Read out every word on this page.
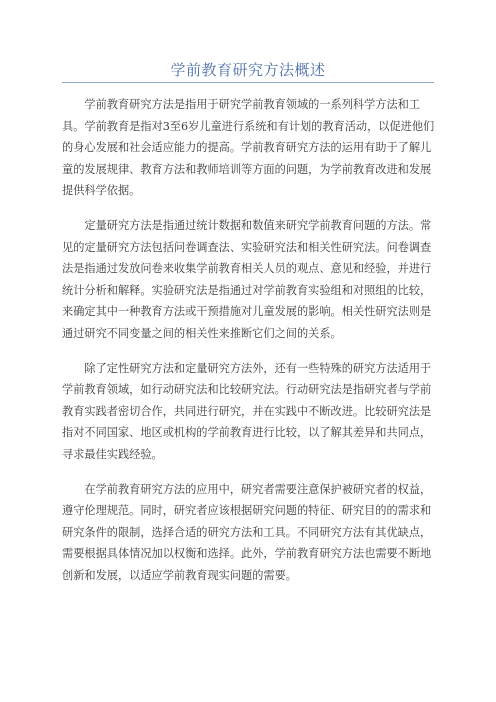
学前教育研究方法概述

学前教育研究方法是指用于研究学前教育领域的一系列科学方法和工具。学前教育是指对3至6岁儿童进行系统和有计划的教育活动，以促进他们的身心发展和社会适应能力的提高。学前教育研究方法的运用有助于了解儿童的发展规律、教育方法和教师培训等方面的问题，为学前教育改进和发展提供科学依据。

定量研究方法是指通过统计数据和数值来研究学前教育问题的方法。常见的定量研究方法包括问卷调查法、实验研究法和相关性研究法。问卷调查法是指通过发放问卷来收集学前教育相关人员的观点、意见和经验，并进行统计分析和解释。实验研究法是指通过对学前教育实验组和对照组的比较，来确定其中一种教育方法或干预措施对儿童发展的影响。相关性研究法则是通过研究不同变量之间的相关性来推断它们之间的关系。

除了定性研究方法和定量研究方法外，还有一些特殊的研究方法适用于学前教育领域，如行动研究法和比较研究法。行动研究法是指研究者与学前教育实践者密切合作，共同进行研究，并在实践中不断改进。比较研究法是指对不同国家、地区或机构的学前教育进行比较，以了解其差异和共同点，寻求最佳实践经验。

在学前教育研究方法的应用中，研究者需要注意保护被研究者的权益，遵守伦理规范。同时，研究者应该根据研究问题的特征、研究目的的需求和研究条件的限制，选择合适的研究方法和工具。不同研究方法有其优缺点，需要根据具体情况加以权衡和选择。此外，学前教育研究方法也需要不断地创新和发展，以适应学前教育现实问题的需要。
